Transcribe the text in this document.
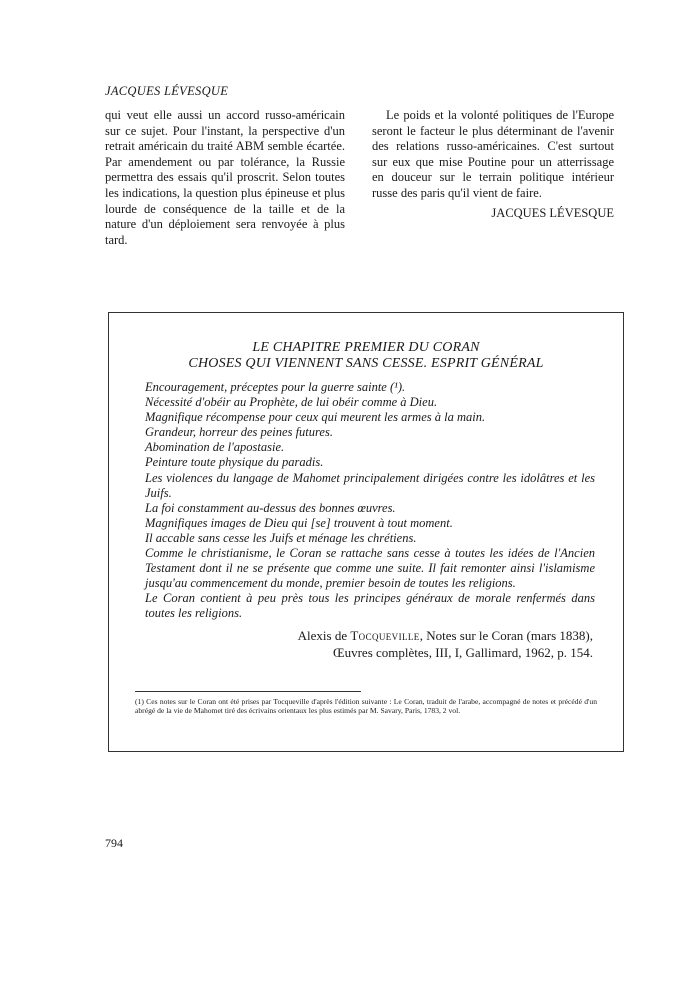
JACQUES LÉVESQUE

qui veut elle aussi un accord russo-américain sur ce sujet. Pour l'instant, la perspective d'un retrait américain du traité ABM semble écartée. Par amendement ou par tolérance, la Russie permettra des essais qu'il proscrit. Selon toutes les indications, la question plus épineuse et plus lourde de conséquence de la taille et de la nature d'un déploiement sera renvoyée à plus tard.

Le poids et la volonté politiques de l'Europe seront le facteur le plus déterminant de l'avenir des relations russo-américaines. C'est surtout sur eux que mise Poutine pour un atterrissage en douceur sur le terrain politique intérieur russe des paris qu'il vient de faire.

JACQUES LÉVESQUE

LE CHAPITRE PREMIER DU CORAN
CHOSES QUI VIENNENT SANS CESSE. ESPRIT GÉNÉRAL

Encouragement, préceptes pour la guerre sainte (¹).

Nécessité d'obéir au Prophète, de lui obéir comme à Dieu.

Magnifique récompense pour ceux qui meurent les armes à la main.

Grandeur, horreur des peines futures.

Abomination de l'apostasie.

Peinture toute physique du paradis.

Les violences du langage de Mahomet principalement dirigées contre les idolâtres et les Juifs.

La foi constamment au-dessus des bonnes œuvres.

Magnifiques images de Dieu qui [se] trouvent à tout moment.

Il accable sans cesse les Juifs et ménage les chrétiens.

Comme le christianisme, le Coran se rattache sans cesse à toutes les idées de l'Ancien Testament dont il ne se présente que comme une suite. Il fait remonter ainsi l'islamisme jusqu'au commencement du monde, premier besoin de toutes les religions.

Le Coran contient à peu près tous les principes généraux de morale renfermés dans toutes les religions.

Alexis de Tocqueville, Notes sur le Coran (mars 1838),
Œuvres complètes, III, I, Gallimard, 1962, p. 154.
(1) Ces notes sur le Coran ont été prises par Tocqueville d'après l'édition suivante : Le Coran, traduit de l'arabe, accompagné de notes et précédé d'un abrégé de la vie de Mahomet tiré des écrivains orientaux les plus estimés par M. Savary, Paris, 1783, 2 vol.
794
